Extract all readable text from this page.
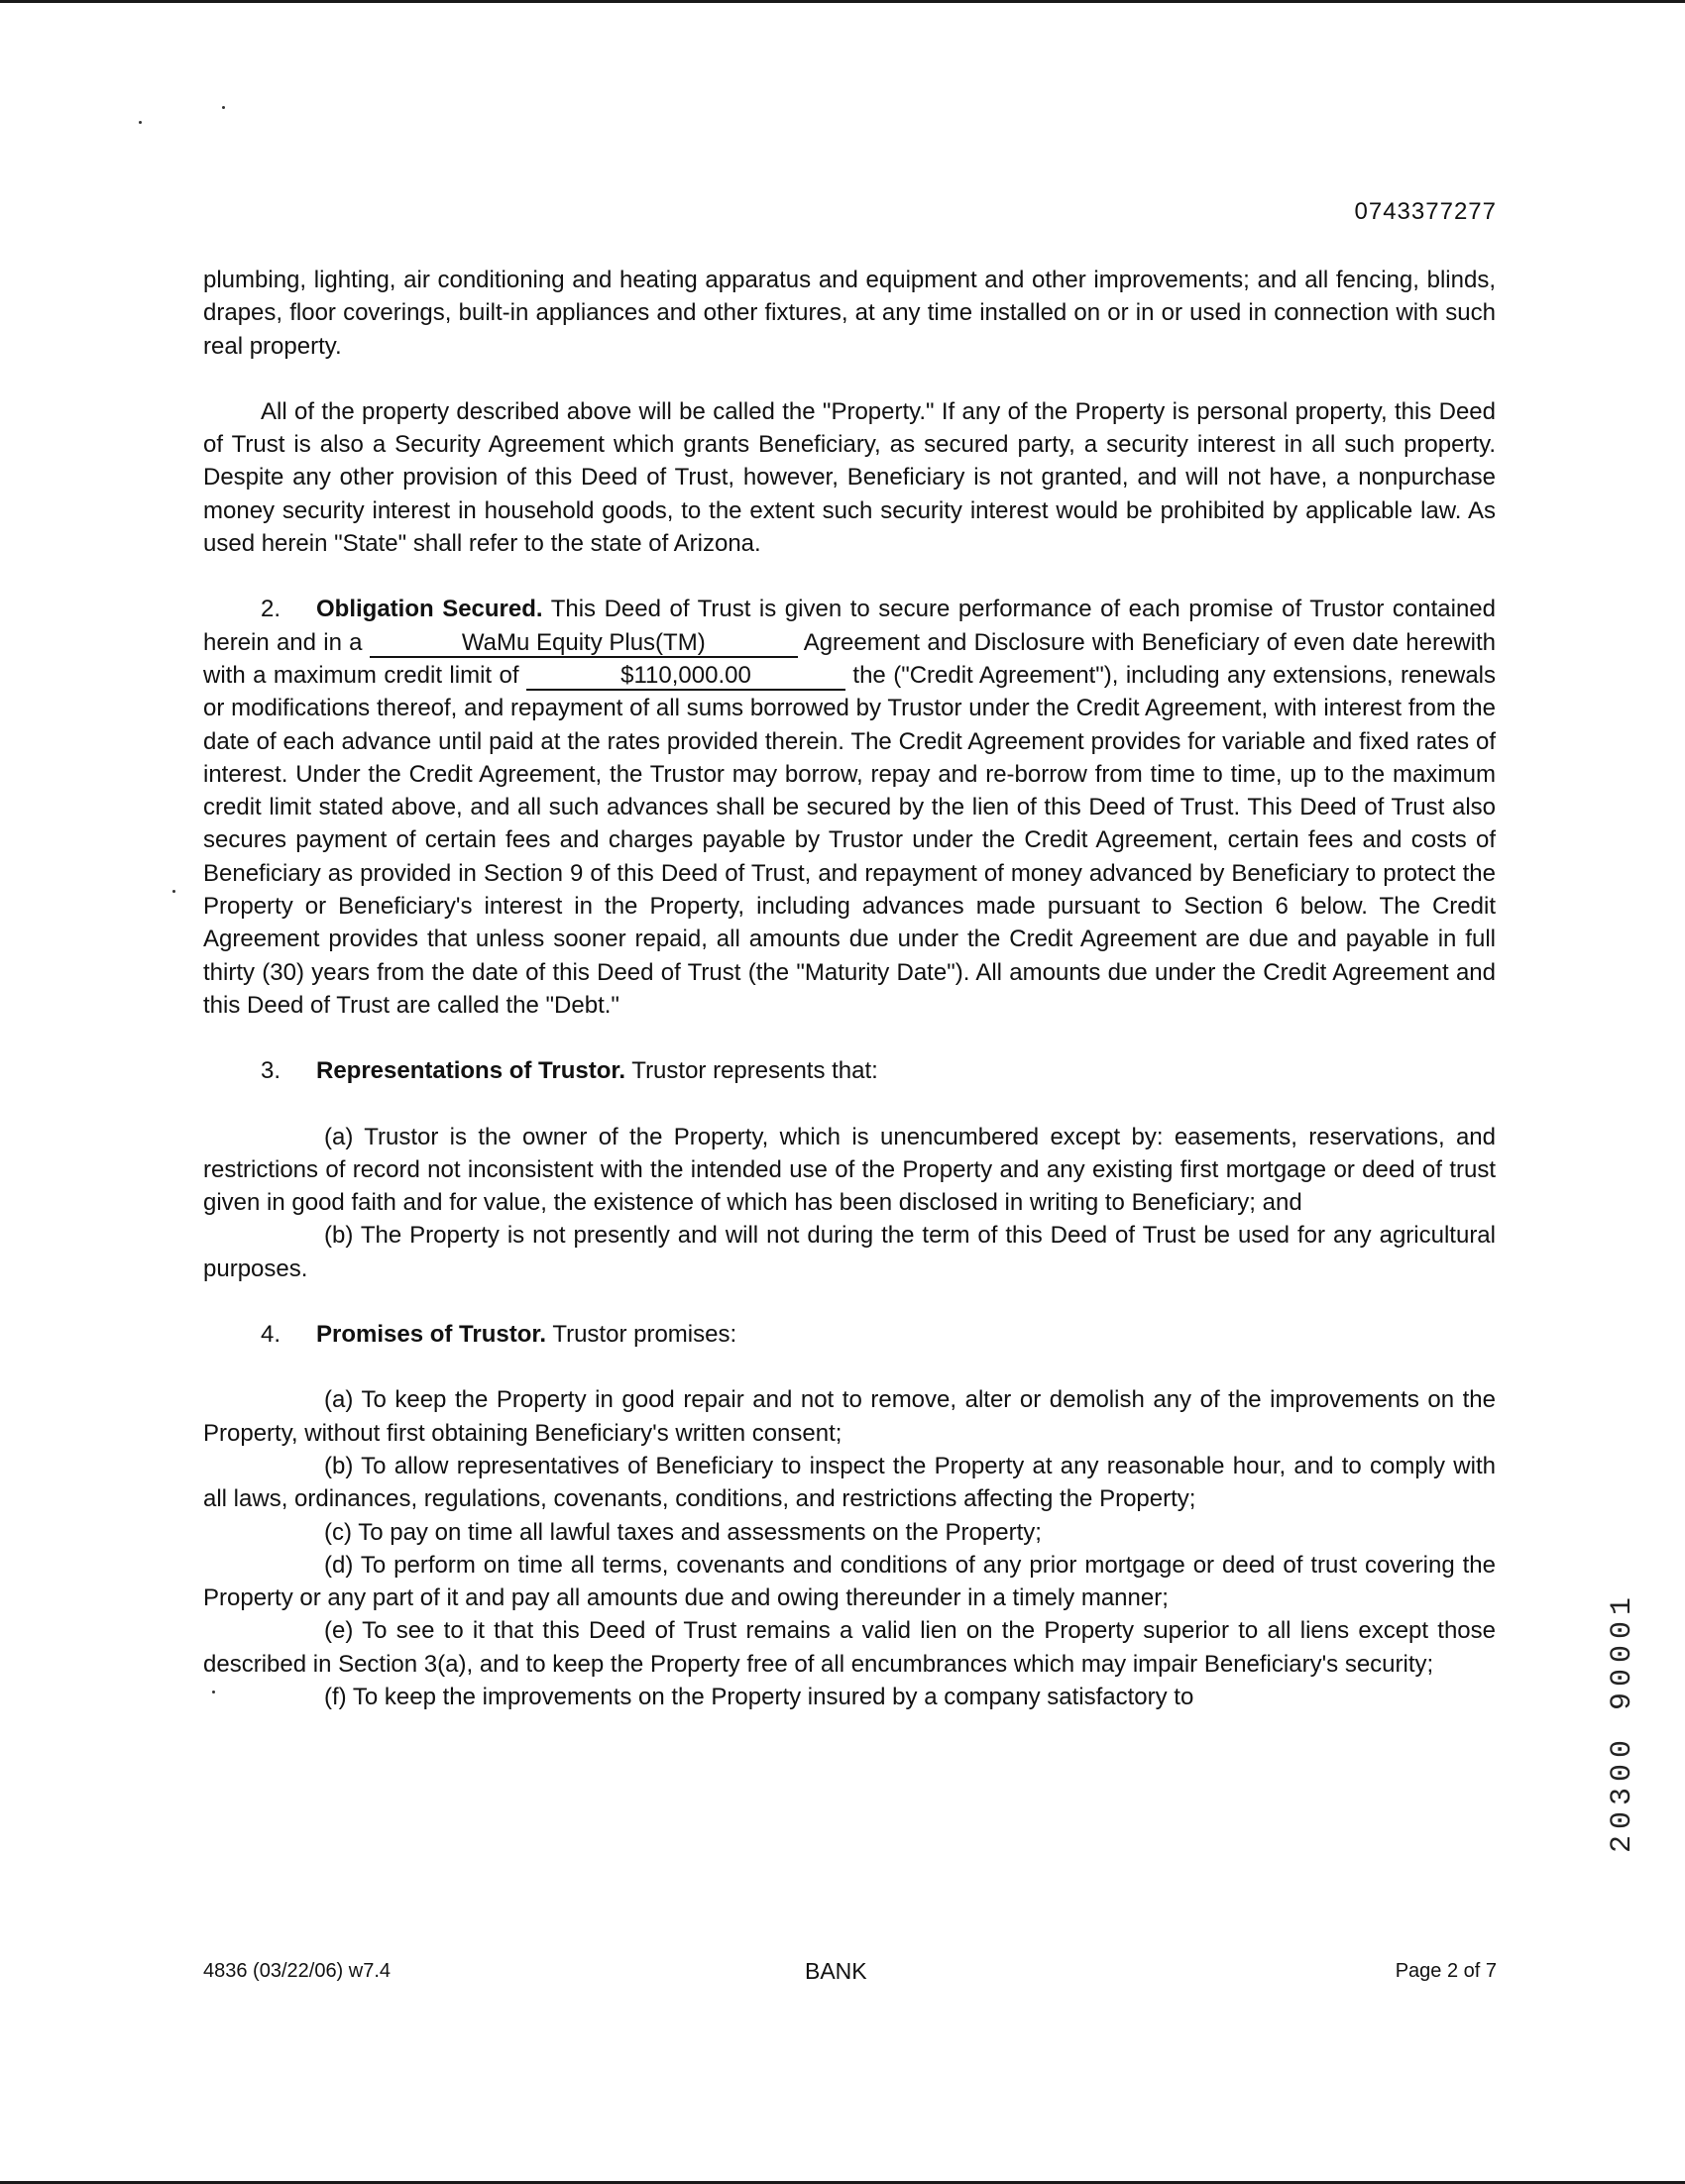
0743377277

plumbing, lighting, air conditioning and heating apparatus and equipment and other improvements; and all fencing, blinds, drapes, floor coverings, built-in appliances and other fixtures, at any time installed on or in or used in connection with such real property.

All of the property described above will be called the "Property." If any of the Property is personal property, this Deed of Trust is also a Security Agreement which grants Beneficiary, as secured party, a security interest in all such property. Despite any other provision of this Deed of Trust, however, Beneficiary is not granted, and will not have, a nonpurchase money security interest in household goods, to the extent such security interest would be prohibited by applicable law. As used herein "State" shall refer to the state of Arizona.

2. Obligation Secured. This Deed of Trust is given to secure performance of each promise of Trustor contained herein and in a	WaMu Equity Plus(TM)	Agreement and Disclosure with Beneficiary of even date herewith with a maximum credit limit of	$110,000.00	the ("Credit Agreement"), including any extensions, renewals or modifications thereof, and repayment of all sums borrowed by Trustor under the Credit Agreement, with interest from the date of each advance until paid at the rates provided therein. The Credit Agreement provides for variable and fixed rates of interest. Under the Credit Agreement, the Trustor may borrow, repay and re-borrow from time to time, up to the maximum credit limit stated above, and all such advances shall be secured by the lien of this Deed of Trust. This Deed of Trust also secures payment of certain fees and charges payable by Trustor under the Credit Agreement, certain fees and costs of Beneficiary as provided in Section 9 of this Deed of Trust, and repayment of money advanced by Beneficiary to protect the Property or Beneficiary's interest in the Property, including advances made pursuant to Section 6 below. The Credit Agreement provides that unless sooner repaid, all amounts due under the Credit Agreement are due and payable in full thirty (30) years from the date of this Deed of Trust (the "Maturity Date"). All amounts due under the Credit Agreement and this Deed of Trust are called the "Debt."

3. Representations of Trustor. Trustor represents that:

(a) Trustor is the owner of the Property, which is unencumbered except by: easements, reservations, and restrictions of record not inconsistent with the intended use of the Property and any existing first mortgage or deed of trust given in good faith and for value, the existence of which has been disclosed in writing to Beneficiary; and

(b) The Property is not presently and will not during the term of this Deed of Trust be used for any agricultural purposes.

4. Promises of Trustor. Trustor promises:

(a) To keep the Property in good repair and not to remove, alter or demolish any of the improvements on the Property, without first obtaining Beneficiary's written consent;

(b) To allow representatives of Beneficiary to inspect the Property at any reasonable hour, and to comply with all laws, ordinances, regulations, covenants, conditions, and restrictions affecting the Property;

(c) To pay on time all lawful taxes and assessments on the Property;

(d) To perform on time all terms, covenants and conditions of any prior mortgage or deed of trust covering the Property or any part of it and pay all amounts due and owing thereunder in a timely manner;

(e) To see to it that this Deed of Trust remains a valid lien on the Property superior to all liens except those described in Section 3(a), and to keep the Property free of all encumbrances which may impair Beneficiary's security;

(f) To keep the improvements on the Property insured by a company satisfactory to	20300 90001
4836 (03/22/06) w7.4	BANK	Page 2 of 7
